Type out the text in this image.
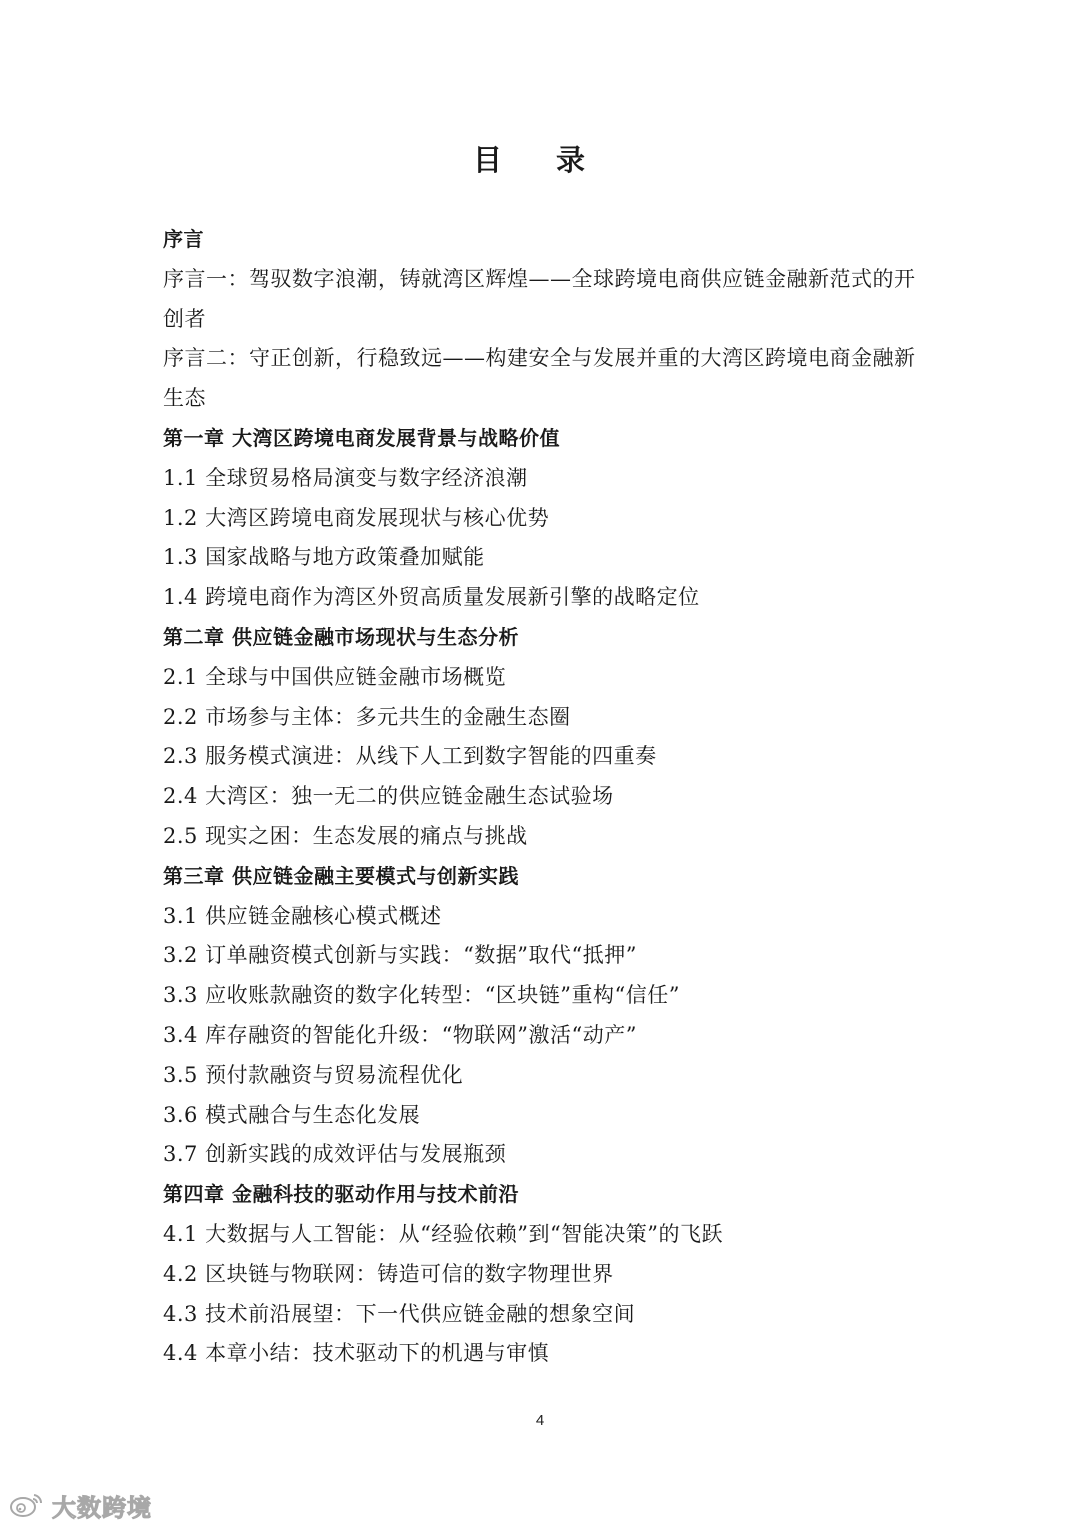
目 录
序言
序言一：驾驭数字浪潮，铸就湾区辉煌——全球跨境电商供应链金融新范式的开创者
序言二：守正创新，行稳致远——构建安全与发展并重的大湾区跨境电商金融新生态
第一章 大湾区跨境电商发展背景与战略价值
1.1 全球贸易格局演变与数字经济浪潮
1.2 大湾区跨境电商发展现状与核心优势
1.3 国家战略与地方政策叠加赋能
1.4 跨境电商作为湾区外贸高质量发展新引擎的战略定位
第二章 供应链金融市场现状与生态分析
2.1 全球与中国供应链金融市场概览
2.2 市场参与主体：多元共生的金融生态圈
2.3 服务模式演进：从线下人工到数字智能的四重奏
2.4 大湾区：独一无二的供应链金融生态试验场
2.5 现实之困：生态发展的痛点与挑战
第三章 供应链金融主要模式与创新实践
3.1 供应链金融核心模式概述
3.2 订单融资模式创新与实践：“数据”取代“抵押”
3.3 应收账款融资的数字化转型：“区块链”重构“信任”
3.4 库存融资的智能化升级：“物联网”激活“动产”
3.5 预付款融资与贸易流程优化
3.6 模式融合与生态化发展
3.7 创新实践的成效评估与发展瓶颈
第四章 金融科技的驱动作用与技术前沿
4.1 大数据与人工智能：从“经验依赖”到“智能决策”的飞跃
4.2 区块链与物联网：铸造可信的数字物理世界
4.3 技术前沿展望：下一代供应链金融的想象空间
4.4 本章小结：技术驱动下的机遇与审慎
4
大数跨境
